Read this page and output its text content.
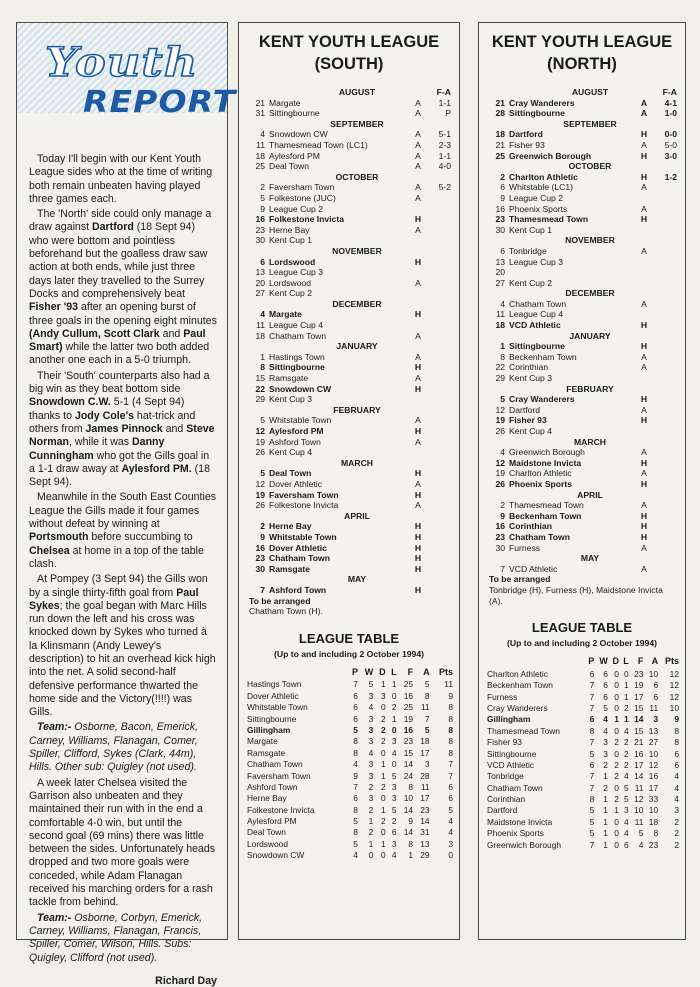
Youth
REPORT

Today I'll begin with our Kent Youth League sides who at the time of writing both remain unbeaten having played three games each.

The 'North' side could only manage a draw against Dartford (18 Sept 94) who were bottom and pointless beforehand but the goalless draw saw action at both ends, while just three days later they travelled to the Surrey Docks and comprehensively beat Fisher '93 after an opening burst of three goals in the opening eight minutes (Andy Cullum, Scott Clark and Paul Smart) while the latter two both added another one each in a 5-0 triumph.

Their 'South' counterparts also had a big win as they beat bottom side Snowdown C.W. 5-1 (4 Sept 94) thanks to Jody Cole's hat-trick and others from James Pinnock and Steve Norman, while it was Danny Cunningham who got the Gills goal in a 1-1 draw away at Aylesford PM. (18 Sept 94).

Meanwhile in the South East Counties League the Gills made it four games without defeat by winning at Portsmouth before succumbing to Chelsea at home in a top of the table clash.

At Pompey (3 Sept 94) the Gills won by a single thirty-fifth goal from Paul Sykes; the goal began with Marc Hills run down the left and his cross was knocked down by Sykes who turned à la Klinsmann (Andy Lewey's description) to hit an overhead kick high into the net. A solid second-half defensive performance thwarted the home side and the Victory(!!!!) was Gills.

Team:- Osborne, Bacon, Emerick, Carney, Williams, Flanagan, Comer, Spiller, Clifford, Sykes (Clark, 44m), Hills. Other sub: Quigley (not used).

A week later Chelsea visited the Garrison also unbeaten and they maintained their run with in the end a comfortable 4-0 win, but until the second goal (69 mins) there was little between the sides. Unfortunately heads dropped and two more goals were conceded, while Adam Flanagan received his marching orders for a rash tackle from behind.

Team:- Osborne, Corbyn, Emerick, Carney, Williams, Flanagan, Francis, Spiller, Comer, Wilson, Hills. Subs: Quigley, Clifford (not used).

Richard Day
KENT YOUTH LEAGUE
(SOUTH)
AUGUST	F-A
21 Margate	A	1-1
31 Sittingbourne	A	P
SEPTEMBER
4 Snowdown CW	A	5-1
11 Thamesmead Town (LC1)	A	2-3
18 Aylesford PM	A	1-1
25 Deal Town	A	4-0
OCTOBER
2 Faversham Town	A	5-2
5 Folkestone (JUC)	A
9 League Cup 2
16 Folkestone Invicta	H
23 Herne Bay	A
30 Kent Cup 1
NOVEMBER
6 Lordswood	H
13 League Cup 3
20 Lordswood	A
27 Kent Cup 2
DECEMBER
4 Margate	H
11 League Cup 4
18 Chatham Town	A
JANUARY
1 Hastings Town	A
8 Sittingbourne	H
15 Ramsgate	A
22 Snowdown CW	H
29 Kent Cup 3
FEBRUARY
5 Whitstable Town	A
12 Aylesford PM	H
19 Ashford Town	A
26 Kent Cup 4
MARCH
5 Deal Town	H
12 Dover Athletic	A
19 Faversham Town	H
26 Folkestone Invicta	A
APRIL
2 Herne Bay	H
9 Whitstable Town	H
16 Dover Athletic	H
23 Chatham Town	H
30 Ramsgate	H
MAY
7 Ashford Town	H
To be arranged
Chatham Town (H).
LEAGUE TABLE
(Up to and including 2 October 1994)
	P	W	D	L	F	A	Pts
Hastings Town	7	5	1	1	25	5	11
Dover Athletic	6	3	3	0	16	8	9
Whitstable Town	6	4	0	2	25	11	8
Sittingbourne	6	3	2	1	19	7	8
Gillingham	5	3	2	0	16	5	8
Margate	8	3	2	3	23	18	8
Ramsgate	8	4	0	4	15	17	8
Chatham Town	4	3	1	0	14	3	7
Faversham Town	9	3	1	5	24	28	7
Ashford Town	7	2	2	3	8	11	6
Herne Bay	6	3	0	3	10	17	6
Folkestone Invicta	8	2	1	5	14	23	5
Aylesford PM	5	1	2	2	9	14	4
Deal Town	8	2	0	6	14	31	4
Lordswood	5	1	1	3	8	13	3
Snowdown CW	4	0	0	4	1	29	0
KENT YOUTH LEAGUE
(NORTH)
AUGUST	F-A
21 Cray Wanderers	A	4-1
28 Sittingbourne	A	1-0
SEPTEMBER
18 Dartford	H	0-0
21 Fisher 93	A	5-0
25 Greenwich Borough	H	3-0
OCTOBER
2 Charlton Athletic	H	1-2
6 Whitstable (LC1)	A
9 League Cup 2
16 Phoenix Sports	A
23 Thamesmead Town	H
30 Kent Cup 1
NOVEMBER
6 Tonbridge	A
13 League Cup 3
20
27 Kent Cup 2
DECEMBER
4 Chatham Town	A
11 League Cup 4
18 VCD Athletic	H
JANUARY
1 Sittingbourne	H
8 Beckenham Town	A
22 Corinthian	A
29 Kent Cup 3
FEBRUARY
5 Cray Wanderers	H
12 Dartford	A
19 Fisher 93	H
26 Kent Cup 4
MARCH
4 Greenwich Borough	A
12 Maidstone Invicta	H
19 Charlton Athletic	A
26 Phoenix Sports	H
APRIL
2 Thamesmead Town	A
9 Beckenham Town	H
16 Corinthian	H
23 Chatham Town	H
30 Furness	A
MAY
7 VCD Athletic	A
To be arranged
Tonbridge (H), Furness (H), Maidstone Invicta (A).
LEAGUE TABLE
(Up to and including 2 October 1994)
	P	W	D	L	F	A	Pts
Charlton Athletic	6	6	0	0	23	10	12
Beckenham Town	7	6	0	1	19	6	12
Furness	7	6	0	1	17	6	12
Cray Wanderers	7	5	0	2	15	11	10
Gillingham	6	4	1	1	14	3	9
Thamesmead Town	8	4	0	4	15	13	8
Fisher 93	7	3	2	2	21	27	8
Sittingbourne	5	3	0	2	16	10	6
VCD Athletic	6	2	2	2	17	12	6
Tonbridge	7	1	2	4	14	16	4
Chatham Town	7	2	0	5	11	17	4
Corinthian	8	1	2	5	12	33	4
Dartford	5	1	1	3	10	10	3
Maidstone Invicta	5	1	0	4	11	18	2
Phoenix Sports	5	1	0	4	5	8	2
Greenwich Borough	7	1	0	6	4	23	2
